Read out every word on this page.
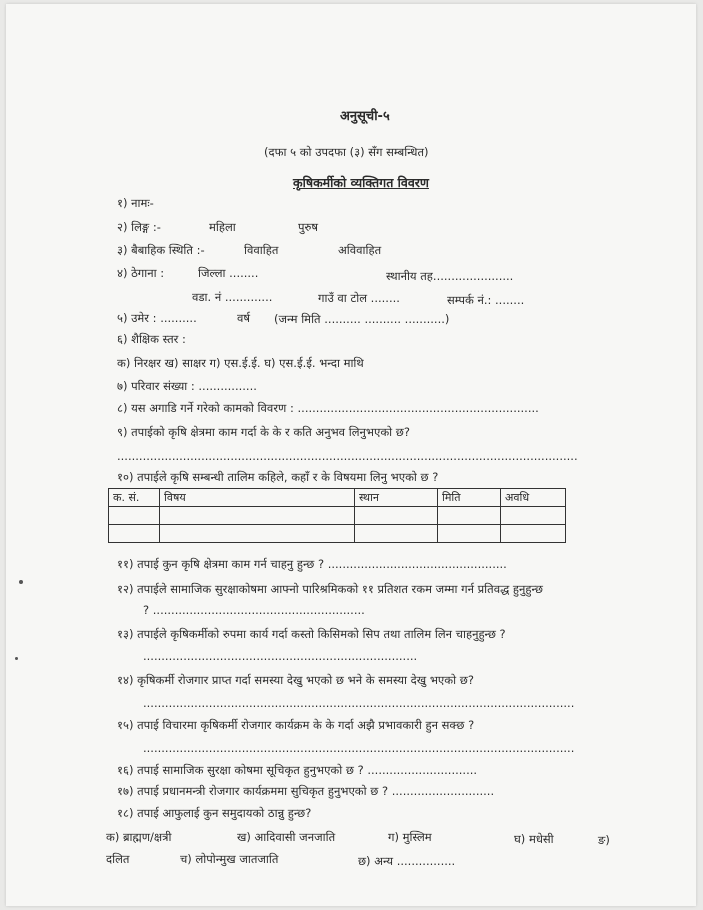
अनुसूची-५
(दफा ५ को उपदफा (३) सँग सम्बन्धित)
कृषिकर्मीको व्यक्तिगत विवरण
१) नामः-
२) लिङ्ग :-	महिला	पुरुष
३) बैबाहिक स्थिति :-	विवाहित	अविवाहित
४) ठेगाना :	जिल्ला ........	स्थानीय तह......................
वडा. नं .............	गाउँ वा टोल ........	सम्पर्क नं.: ........
५) उमेर : ..........	वर्ष (जन्म मिति .......... .......... ...........)
६) शैक्षिक स्तर :
क) निरक्षर ख) साक्षर ग) एस.ई.ई. घ) एस.ई.ई. भन्दा माथि
७) परिवार संख्या : ................
८) यस अगाडि गर्ने गरेको कामको विवरण : ..................................................................
९) तपाईको कृषि क्षेत्रमा काम गर्दा के के र कति अनुभव लिनुभएको छ?
..............................................................................................................................
१०) तपाईले कृषि सम्बन्धी तालिम कहिले, कहाँ र के विषयमा लिनु भएको छ ?
क. सं.	विषय	स्थान	मिति	अवधि

११) तपाई कुन कृषि क्षेत्रमा काम गर्न चाहनु हुन्छ ? .................................................
१२) तपाईले सामाजिक सुरक्षाकोषमा आफ्नो पारिश्रमिकको ११ प्रतिशत रकम जम्मा गर्न प्रतिवद्ध हुनुहुन्छ
? ..........................................................
१३) तपाईले कृषिकर्मीको रुपमा कार्य गर्दा कस्तो किसिमको सिप तथा तालिम लिन चाहनुहुन्छ ?
...........................................................................
१४) कृषिकर्मी रोजगार प्राप्त गर्दा समस्या देखु भएको छ भने के समस्या देखु भएको छ?
......................................................................................................................
१५) तपाई विचारमा कृषिकर्मी रोजगार कार्यक्रम के के गर्दा अझै प्रभावकारी हुन सक्छ ?
......................................................................................................................
१६) तपाई सामाजिक सुरक्षा कोषमा सूचिकृत हुनुभएको छ ? ..............................
१७) तपाई प्रधानमन्त्री रोजगार कार्यक्रममा सुचिकृत हुनुभएको छ ? ............................
१८) तपाई आफुलाई कुन समुदायको ठान्नु हुन्छ?
क) ब्राह्मण/क्षत्री	ख) आदिवासी जनजाति	ग) मुस्लिम	घ) मधेसी	ङ)
दलित	च) लोपोन्मुख जातजाति	छ) अन्य ................
